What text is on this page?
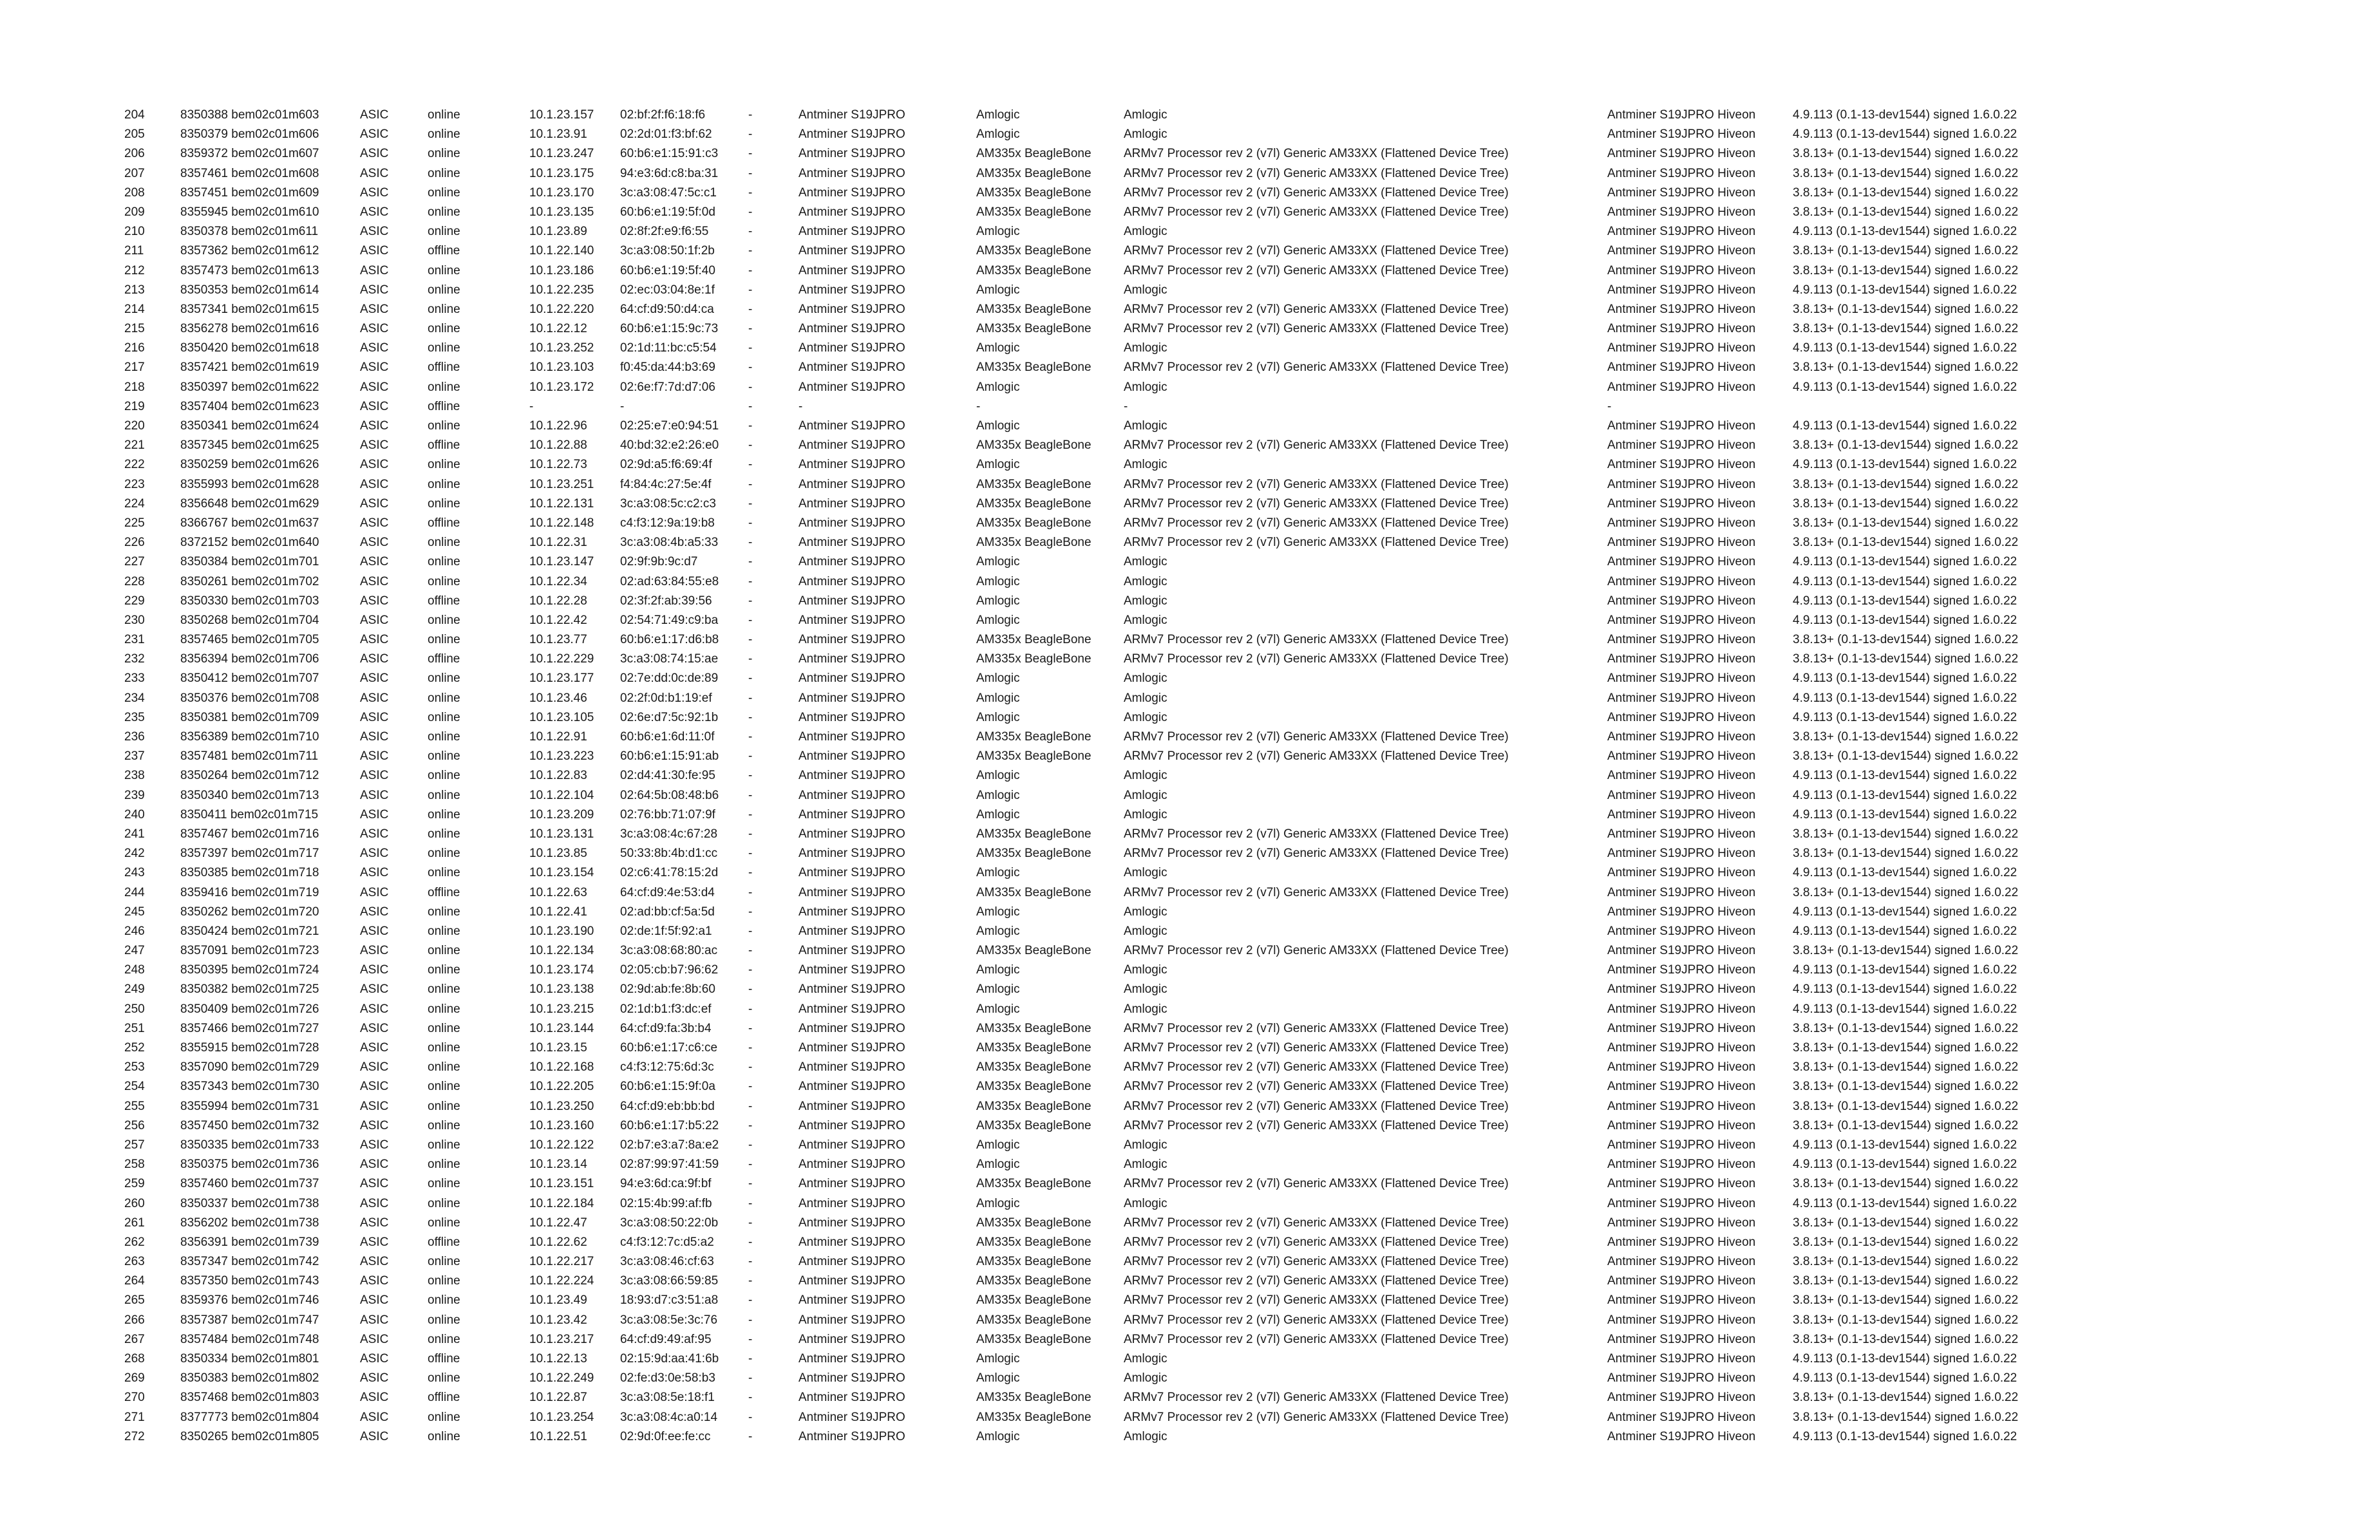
204	8350388 bem02c01m603	ASIC	online	10.1.23.157 02:bf:2f:f6:18:f6	-	Antminer S19JPRO	Amlogic	Amlogic	Antminer S19JPRO Hiveon	4.9.113 (0.1-13-dev1544) signed 1.6.0.22
205	8350379 bem02c01m606	ASIC	online	10.1.23.91	02:2d:01:f3:bf:62	-	Antminer S19JPRO	Amlogic	Amlogic	Antminer S19JPRO Hiveon	4.9.113 (0.1-13-dev1544) signed 1.6.0.22
206	8359372 bem02c01m607	ASIC	online	10.1.23.247 60:b6:e1:15:91:c3 -	Antminer S19JPRO	AM335x BeagleBone	ARMv7 Processor rev 2 (v7l) Generic AM33XX (Flattened Device Tree)	Antminer S19JPRO Hiveon	3.8.13+ (0.1-13-dev1544) signed 1.6.0.22
207	8357461 bem02c01m608	ASIC	online	10.1.23.175 94:e3:6d:c8:ba:31 -	Antminer S19JPRO	AM335x BeagleBone	ARMv7 Processor rev 2 (v7l) Generic AM33XX (Flattened Device Tree)	Antminer S19JPRO Hiveon	3.8.13+ (0.1-13-dev1544) signed 1.6.0.22
208	8357451 bem02c01m609	ASIC	online	10.1.23.170 3c:a3:08:47:5c:c1	-	Antminer S19JPRO	AM335x BeagleBone	ARMv7 Processor rev 2 (v7l) Generic AM33XX (Flattened Device Tree)	Antminer S19JPRO Hiveon	3.8.13+ (0.1-13-dev1544) signed 1.6.0.22
209	8355945 bem02c01m610	ASIC	online	10.1.23.135 60:b6:e1:19:5f:0d	-	Antminer S19JPRO	AM335x BeagleBone	ARMv7 Processor rev 2 (v7l) Generic AM33XX (Flattened Device Tree)	Antminer S19JPRO Hiveon	3.8.13+ (0.1-13-dev1544) signed 1.6.0.22
210	8350378 bem02c01m611	ASIC	online	10.1.23.89	02:8f:2f:e9:f6:55	-	Antminer S19JPRO	Amlogic	Amlogic	Antminer S19JPRO Hiveon	4.9.113 (0.1-13-dev1544) signed 1.6.0.22
211	8357362 bem02c01m612	ASIC	offline	10.1.22.140 3c:a3:08:50:1f:2b	-	Antminer S19JPRO	AM335x BeagleBone	ARMv7 Processor rev 2 (v7l) Generic AM33XX (Flattened Device Tree)	Antminer S19JPRO Hiveon	3.8.13+ (0.1-13-dev1544) signed 1.6.0.22
212	8357473 bem02c01m613	ASIC	online	10.1.23.186 60:b6:e1:19:5f:40	-	Antminer S19JPRO	AM335x BeagleBone	ARMv7 Processor rev 2 (v7l) Generic AM33XX (Flattened Device Tree)	Antminer S19JPRO Hiveon	3.8.13+ (0.1-13-dev1544) signed 1.6.0.22
213	8350353 bem02c01m614	ASIC	online	10.1.22.235 02:ec:03:04:8e:1f	-	Antminer S19JPRO	Amlogic	Amlogic	Antminer S19JPRO Hiveon	4.9.113 (0.1-13-dev1544) signed 1.6.0.22
214	8357341 bem02c01m615	ASIC	online	10.1.22.220 64:cf:d9:50:d4:ca	-	Antminer S19JPRO	AM335x BeagleBone	ARMv7 Processor rev 2 (v7l) Generic AM33XX (Flattened Device Tree)	Antminer S19JPRO Hiveon	3.8.13+ (0.1-13-dev1544) signed 1.6.0.22
215	8356278 bem02c01m616	ASIC	online	10.1.22.12	60:b6:e1:15:9c:73 -	Antminer S19JPRO	AM335x BeagleBone	ARMv7 Processor rev 2 (v7l) Generic AM33XX (Flattened Device Tree)	Antminer S19JPRO Hiveon	3.8.13+ (0.1-13-dev1544) signed 1.6.0.22
216	8350420 bem02c01m618	ASIC	online	10.1.23.252 02:1d:11:bc:c5:54	-	Antminer S19JPRO	Amlogic	Amlogic	Antminer S19JPRO Hiveon	4.9.113 (0.1-13-dev1544) signed 1.6.0.22
217	8357421 bem02c01m619	ASIC	offline	10.1.23.103 f0:45:da:44:b3:69	-	Antminer S19JPRO	AM335x BeagleBone	ARMv7 Processor rev 2 (v7l) Generic AM33XX (Flattened Device Tree)	Antminer S19JPRO Hiveon	3.8.13+ (0.1-13-dev1544) signed 1.6.0.22
218	8350397 bem02c01m622	ASIC	online	10.1.23.172 02:6e:f7:7d:d7:06	-	Antminer S19JPRO	Amlogic	Amlogic	Antminer S19JPRO Hiveon	4.9.113 (0.1-13-dev1544) signed 1.6.0.22
219	8357404 bem02c01m623	ASIC	offline	-	-	-	-	-	-	-
220	8350341 bem02c01m624	ASIC	online	10.1.22.96	02:25:e7:e0:94:51 -	Antminer S19JPRO	Amlogic	Amlogic	Antminer S19JPRO Hiveon	4.9.113 (0.1-13-dev1544) signed 1.6.0.22
221	8357345 bem02c01m625	ASIC	offline	10.1.22.88	40:bd:32:e2:26:e0 -	Antminer S19JPRO	AM335x BeagleBone	ARMv7 Processor rev 2 (v7l) Generic AM33XX (Flattened Device Tree)	Antminer S19JPRO Hiveon	3.8.13+ (0.1-13-dev1544) signed 1.6.0.22
222	8350259 bem02c01m626	ASIC	online	10.1.22.73	02:9d:a5:f6:69:4f	-	Antminer S19JPRO	Amlogic	Amlogic	Antminer S19JPRO Hiveon	4.9.113 (0.1-13-dev1544) signed 1.6.0.22
223	8355993 bem02c01m628	ASIC	online	10.1.23.251 f4:84:4c:27:5e:4f	-	Antminer S19JPRO	AM335x BeagleBone	ARMv7 Processor rev 2 (v7l) Generic AM33XX (Flattened Device Tree)	Antminer S19JPRO Hiveon	3.8.13+ (0.1-13-dev1544) signed 1.6.0.22
224	8356648 bem02c01m629	ASIC	online	10.1.22.131 3c:a3:08:5c:c2:c3	-	Antminer S19JPRO	AM335x BeagleBone	ARMv7 Processor rev 2 (v7l) Generic AM33XX (Flattened Device Tree)	Antminer S19JPRO Hiveon	3.8.13+ (0.1-13-dev1544) signed 1.6.0.22
225	8366767 bem02c01m637	ASIC	offline	10.1.22.148 c4:f3:12:9a:19:b8	-	Antminer S19JPRO	AM335x BeagleBone	ARMv7 Processor rev 2 (v7l) Generic AM33XX (Flattened Device Tree)	Antminer S19JPRO Hiveon	3.8.13+ (0.1-13-dev1544) signed 1.6.0.22
226	8372152 bem02c01m640	ASIC	online	10.1.22.31	3c:a3:08:4b:a5:33 -	Antminer S19JPRO	AM335x BeagleBone	ARMv7 Processor rev 2 (v7l) Generic AM33XX (Flattened Device Tree)	Antminer S19JPRO Hiveon	3.8.13+ (0.1-13-dev1544) signed 1.6.0.22
227	8350384 bem02c01m701	ASIC	online	10.1.23.147 02:9f:9b:9c:d7	-	Antminer S19JPRO	Amlogic	Amlogic	Antminer S19JPRO Hiveon	4.9.113 (0.1-13-dev1544) signed 1.6.0.22
228	8350261 bem02c01m702	ASIC	online	10.1.22.34	02:ad:63:84:55:e8 -	Antminer S19JPRO	Amlogic	Amlogic	Antminer S19JPRO Hiveon	4.9.113 (0.1-13-dev1544) signed 1.6.0.22
229	8350330 bem02c01m703	ASIC	offline	10.1.22.28	02:3f:2f:ab:39:56	-	Antminer S19JPRO	Amlogic	Amlogic	Antminer S19JPRO Hiveon	4.9.113 (0.1-13-dev1544) signed 1.6.0.22
230	8350268 bem02c01m704	ASIC	online	10.1.22.42	02:54:71:49:c9:ba -	Antminer S19JPRO	Amlogic	Amlogic	Antminer S19JPRO Hiveon	4.9.113 (0.1-13-dev1544) signed 1.6.0.22
231	8357465 bem02c01m705	ASIC	online	10.1.23.77	60:b6:e1:17:d6:b8 -	Antminer S19JPRO	AM335x BeagleBone	ARMv7 Processor rev 2 (v7l) Generic AM33XX (Flattened Device Tree)	Antminer S19JPRO Hiveon	3.8.13+ (0.1-13-dev1544) signed 1.6.0.22
232	8356394 bem02c01m706	ASIC	offline	10.1.22.229 3c:a3:08:74:15:ae -	Antminer S19JPRO	AM335x BeagleBone	ARMv7 Processor rev 2 (v7l) Generic AM33XX (Flattened Device Tree)	Antminer S19JPRO Hiveon	3.8.13+ (0.1-13-dev1544) signed 1.6.0.22
233	8350412 bem02c01m707	ASIC	online	10.1.23.177 02:7e:dd:0c:de:89 -	Antminer S19JPRO	Amlogic	Amlogic	Antminer S19JPRO Hiveon	4.9.113 (0.1-13-dev1544) signed 1.6.0.22
234	8350376 bem02c01m708	ASIC	online	10.1.23.46	02:2f:0d:b1:19:ef	-	Antminer S19JPRO	Amlogic	Amlogic	Antminer S19JPRO Hiveon	4.9.113 (0.1-13-dev1544) signed 1.6.0.22
235	8350381 bem02c01m709	ASIC	online	10.1.23.105 02:6e:d7:5c:92:1b -	Antminer S19JPRO	Amlogic	Amlogic	Antminer S19JPRO Hiveon	4.9.113 (0.1-13-dev1544) signed 1.6.0.22
236	8356389 bem02c01m710	ASIC	online	10.1.22.91	60:b6:e1:6d:11:0f	-	Antminer S19JPRO	AM335x BeagleBone	ARMv7 Processor rev 2 (v7l) Generic AM33XX (Flattened Device Tree)	Antminer S19JPRO Hiveon	3.8.13+ (0.1-13-dev1544) signed 1.6.0.22
237	8357481 bem02c01m711	ASIC	online	10.1.23.223 60:b6:e1:15:91:ab -	Antminer S19JPRO	AM335x BeagleBone	ARMv7 Processor rev 2 (v7l) Generic AM33XX (Flattened Device Tree)	Antminer S19JPRO Hiveon	3.8.13+ (0.1-13-dev1544) signed 1.6.0.22
238	8350264 bem02c01m712	ASIC	online	10.1.22.83	02:d4:41:30:fe:95	-	Antminer S19JPRO	Amlogic	Amlogic	Antminer S19JPRO Hiveon	4.9.113 (0.1-13-dev1544) signed 1.6.0.22
239	8350340 bem02c01m713	ASIC	online	10.1.22.104 02:64:5b:08:48:b6 -	Antminer S19JPRO	Amlogic	Amlogic	Antminer S19JPRO Hiveon	4.9.113 (0.1-13-dev1544) signed 1.6.0.22
240	8350411 bem02c01m715	ASIC	online	10.1.23.209 02:76:bb:71:07:9f	-	Antminer S19JPRO	Amlogic	Amlogic	Antminer S19JPRO Hiveon	4.9.113 (0.1-13-dev1544) signed 1.6.0.22
241	8357467 bem02c01m716	ASIC	online	10.1.23.131 3c:a3:08:4c:67:28	-	Antminer S19JPRO	AM335x BeagleBone	ARMv7 Processor rev 2 (v7l) Generic AM33XX (Flattened Device Tree)	Antminer S19JPRO Hiveon	3.8.13+ (0.1-13-dev1544) signed 1.6.0.22
242	8357397 bem02c01m717	ASIC	online	10.1.23.85	50:33:8b:4b:d1:cc	-	Antminer S19JPRO	AM335x BeagleBone	ARMv7 Processor rev 2 (v7l) Generic AM33XX (Flattened Device Tree)	Antminer S19JPRO Hiveon	3.8.13+ (0.1-13-dev1544) signed 1.6.0.22
243	8350385 bem02c01m718	ASIC	online	10.1.23.154 02:c6:41:78:15:2d -	Antminer S19JPRO	Amlogic	Amlogic	Antminer S19JPRO Hiveon	4.9.113 (0.1-13-dev1544) signed 1.6.0.22
244	8359416 bem02c01m719	ASIC	offline	10.1.22.63	64:cf:d9:4e:53:d4	-	Antminer S19JPRO	AM335x BeagleBone	ARMv7 Processor rev 2 (v7l) Generic AM33XX (Flattened Device Tree)	Antminer S19JPRO Hiveon	3.8.13+ (0.1-13-dev1544) signed 1.6.0.22
245	8350262 bem02c01m720	ASIC	online	10.1.22.41	02:ad:bb:cf:5a:5d	-	Antminer S19JPRO	Amlogic	Amlogic	Antminer S19JPRO Hiveon	4.9.113 (0.1-13-dev1544) signed 1.6.0.22
246	8350424 bem02c01m721	ASIC	online	10.1.23.190 02:de:1f:5f:92:a1	-	Antminer S19JPRO	Amlogic	Amlogic	Antminer S19JPRO Hiveon	4.9.113 (0.1-13-dev1544) signed 1.6.0.22
247	8357091 bem02c01m723	ASIC	online	10.1.22.134 3c:a3:08:68:80:ac	-	Antminer S19JPRO	AM335x BeagleBone	ARMv7 Processor rev 2 (v7l) Generic AM33XX (Flattened Device Tree)	Antminer S19JPRO Hiveon	3.8.13+ (0.1-13-dev1544) signed 1.6.0.22
248	8350395 bem02c01m724	ASIC	online	10.1.23.174 02:05:cb:b7:96:62 -	Antminer S19JPRO	Amlogic	Amlogic	Antminer S19JPRO Hiveon	4.9.113 (0.1-13-dev1544) signed 1.6.0.22
249	8350382 bem02c01m725	ASIC	online	10.1.23.138 02:9d:ab:fe:8b:60	-	Antminer S19JPRO	Amlogic	Amlogic	Antminer S19JPRO Hiveon	4.9.113 (0.1-13-dev1544) signed 1.6.0.22
250	8350409 bem02c01m726	ASIC	online	10.1.23.215 02:1d:b1:f3:dc:ef	-	Antminer S19JPRO	Amlogic	Amlogic	Antminer S19JPRO Hiveon	4.9.113 (0.1-13-dev1544) signed 1.6.0.22
251	8357466 bem02c01m727	ASIC	online	10.1.23.144 64:cf:d9:fa:3b:b4	-	Antminer S19JPRO	AM335x BeagleBone	ARMv7 Processor rev 2 (v7l) Generic AM33XX (Flattened Device Tree)	Antminer S19JPRO Hiveon	3.8.13+ (0.1-13-dev1544) signed 1.6.0.22
252	8355915 bem02c01m728	ASIC	online	10.1.23.15	60:b6:e1:17:c6:ce	-	Antminer S19JPRO	AM335x BeagleBone	ARMv7 Processor rev 2 (v7l) Generic AM33XX (Flattened Device Tree)	Antminer S19JPRO Hiveon	3.8.13+ (0.1-13-dev1544) signed 1.6.0.22
253	8357090 bem02c01m729	ASIC	online	10.1.22.168 c4:f3:12:75:6d:3c	-	Antminer S19JPRO	AM335x BeagleBone	ARMv7 Processor rev 2 (v7l) Generic AM33XX (Flattened Device Tree)	Antminer S19JPRO Hiveon	3.8.13+ (0.1-13-dev1544) signed 1.6.0.22
254	8357343 bem02c01m730	ASIC	online	10.1.22.205 60:b6:e1:15:9f:0a	-	Antminer S19JPRO	AM335x BeagleBone	ARMv7 Processor rev 2 (v7l) Generic AM33XX (Flattened Device Tree)	Antminer S19JPRO Hiveon	3.8.13+ (0.1-13-dev1544) signed 1.6.0.22
255	8355994 bem02c01m731	ASIC	online	10.1.23.250 64:cf:d9:eb:bb:bd	-	Antminer S19JPRO	AM335x BeagleBone	ARMv7 Processor rev 2 (v7l) Generic AM33XX (Flattened Device Tree)	Antminer S19JPRO Hiveon	3.8.13+ (0.1-13-dev1544) signed 1.6.0.22
256	8357450 bem02c01m732	ASIC	online	10.1.23.160 60:b6:e1:17:b5:22 -	Antminer S19JPRO	AM335x BeagleBone	ARMv7 Processor rev 2 (v7l) Generic AM33XX (Flattened Device Tree)	Antminer S19JPRO Hiveon	3.8.13+ (0.1-13-dev1544) signed 1.6.0.22
257	8350335 bem02c01m733	ASIC	online	10.1.22.122 02:b7:e3:a7:8a:e2 -	Antminer S19JPRO	Amlogic	Amlogic	Antminer S19JPRO Hiveon	4.9.113 (0.1-13-dev1544) signed 1.6.0.22
258	8350375 bem02c01m736	ASIC	online	10.1.23.14	02:87:99:97:41:59 -	Antminer S19JPRO	Amlogic	Amlogic	Antminer S19JPRO Hiveon	4.9.113 (0.1-13-dev1544) signed 1.6.0.22
259	8357460 bem02c01m737	ASIC	online	10.1.23.151 94:e3:6d:ca:9f:bf	-	Antminer S19JPRO	AM335x BeagleBone	ARMv7 Processor rev 2 (v7l) Generic AM33XX (Flattened Device Tree)	Antminer S19JPRO Hiveon	3.8.13+ (0.1-13-dev1544) signed 1.6.0.22
260	8350337 bem02c01m738	ASIC	online	10.1.22.184 02:15:4b:99:af:fb	-	Antminer S19JPRO	Amlogic	Amlogic	Antminer S19JPRO Hiveon	4.9.113 (0.1-13-dev1544) signed 1.6.0.22
261	8356202 bem02c01m738	ASIC	online	10.1.22.47	3c:a3:08:50:22:0b -	Antminer S19JPRO	AM335x BeagleBone	ARMv7 Processor rev 2 (v7l) Generic AM33XX (Flattened Device Tree)	Antminer S19JPRO Hiveon	3.8.13+ (0.1-13-dev1544) signed 1.6.0.22
262	8356391 bem02c01m739	ASIC	offline	10.1.22.62	c4:f3:12:7c:d5:a2	-	Antminer S19JPRO	AM335x BeagleBone	ARMv7 Processor rev 2 (v7l) Generic AM33XX (Flattened Device Tree)	Antminer S19JPRO Hiveon	3.8.13+ (0.1-13-dev1544) signed 1.6.0.22
263	8357347 bem02c01m742	ASIC	online	10.1.22.217 3c:a3:08:46:cf:63	-	Antminer S19JPRO	AM335x BeagleBone	ARMv7 Processor rev 2 (v7l) Generic AM33XX (Flattened Device Tree)	Antminer S19JPRO Hiveon	3.8.13+ (0.1-13-dev1544) signed 1.6.0.22
264	8357350 bem02c01m743	ASIC	online	10.1.22.224 3c:a3:08:66:59:85 -	Antminer S19JPRO	AM335x BeagleBone	ARMv7 Processor rev 2 (v7l) Generic AM33XX (Flattened Device Tree)	Antminer S19JPRO Hiveon	3.8.13+ (0.1-13-dev1544) signed 1.6.0.22
265	8359376 bem02c01m746	ASIC	online	10.1.23.49	18:93:d7:c3:51:a8 -	Antminer S19JPRO	AM335x BeagleBone	ARMv7 Processor rev 2 (v7l) Generic AM33XX (Flattened Device Tree)	Antminer S19JPRO Hiveon	3.8.13+ (0.1-13-dev1544) signed 1.6.0.22
266	8357387 bem02c01m747	ASIC	online	10.1.23.42	3c:a3:08:5e:3c:76	-	Antminer S19JPRO	AM335x BeagleBone	ARMv7 Processor rev 2 (v7l) Generic AM33XX (Flattened Device Tree)	Antminer S19JPRO Hiveon	3.8.13+ (0.1-13-dev1544) signed 1.6.0.22
267	8357484 bem02c01m748	ASIC	online	10.1.23.217 64:cf:d9:49:af:95	-	Antminer S19JPRO	AM335x BeagleBone	ARMv7 Processor rev 2 (v7l) Generic AM33XX (Flattened Device Tree)	Antminer S19JPRO Hiveon	3.8.13+ (0.1-13-dev1544) signed 1.6.0.22
268	8350334 bem02c01m801	ASIC	offline	10.1.22.13	02:15:9d:aa:41:6b -	Antminer S19JPRO	Amlogic	Amlogic	Antminer S19JPRO Hiveon	4.9.113 (0.1-13-dev1544) signed 1.6.0.22
269	8350383 bem02c01m802	ASIC	online	10.1.22.249 02:fe:d3:0e:58:b3	-	Antminer S19JPRO	Amlogic	Amlogic	Antminer S19JPRO Hiveon	4.9.113 (0.1-13-dev1544) signed 1.6.0.22
270	8357468 bem02c01m803	ASIC	offline	10.1.22.87	3c:a3:08:5e:18:f1	-	Antminer S19JPRO	AM335x BeagleBone	ARMv7 Processor rev 2 (v7l) Generic AM33XX (Flattened Device Tree)	Antminer S19JPRO Hiveon	3.8.13+ (0.1-13-dev1544) signed 1.6.0.22
271	8377773 bem02c01m804	ASIC	online	10.1.23.254 3c:a3:08:4c:a0:14	-	Antminer S19JPRO	AM335x BeagleBone	ARMv7 Processor rev 2 (v7l) Generic AM33XX (Flattened Device Tree)	Antminer S19JPRO Hiveon	3.8.13+ (0.1-13-dev1544) signed 1.6.0.22
272	8350265 bem02c01m805	ASIC	online	10.1.22.51	02:9d:0f:ee:fe:cc	-	Antminer S19JPRO	Amlogic	Amlogic	Antminer S19JPRO Hiveon	4.9.113 (0.1-13-dev1544) signed 1.6.0.22
